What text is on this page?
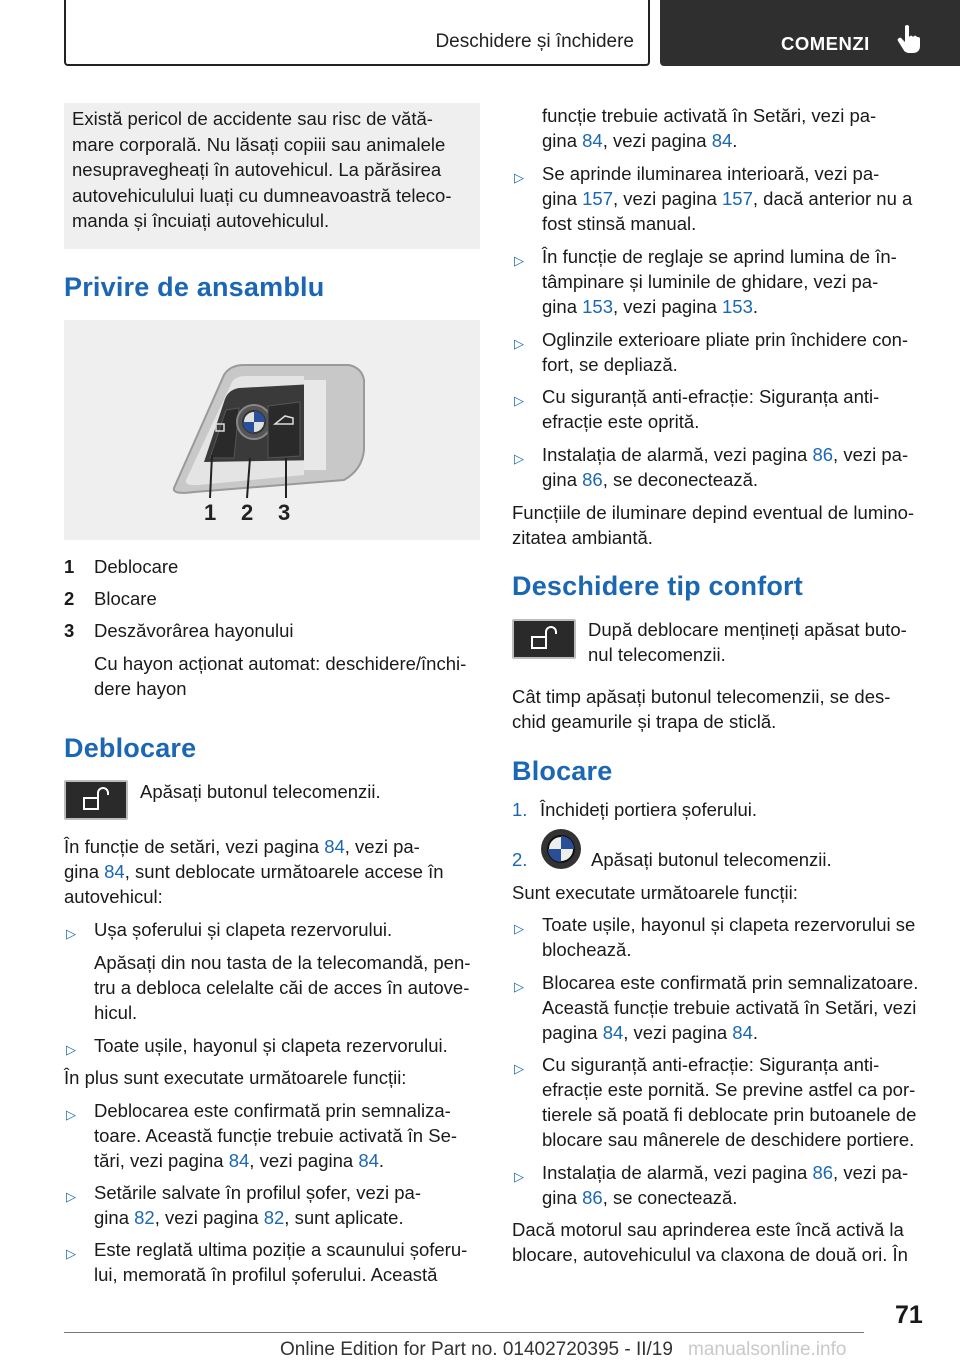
Deschidere și închidere	COMENZI

Există pericol de accidente sau risc de vătă-

mare corporală. Nu lăsați copiii sau animalele

nesupravegheați în autovehicul. La părăsirea

autovehiculului luați cu dumneavoastră teleco-

manda și încuiați autovehiculul.

Privire de ansamblu
1 2 3
1 Deblocare
2 Blocare
3 Deszăvorârea hayonului
Cu hayon acționat automat: deschidere/închi-
dere hayon
Deblocare
Apăsați butonul telecomenzii.
În funcție de setări, vezi pagina 84, vezi pa-
gina 84, sunt deblocate următoarele accese în
autovehicul:
▷ Ușa șoferului și clapeta rezervorului.
Apăsați din nou tasta de la telecomandă, pen-
tru a debloca celelalte căi de acces în autove-
hicul.
▷ Toate ușile, hayonul și clapeta rezervorului.
În plus sunt executate următoarele funcții:
▷ Deblocarea este confirmată prin semnaliza-
toare. Această funcție trebuie activată în Se-
tări, vezi pagina 84, vezi pagina 84.
▷ Setările salvate în profilul șofer, vezi pa-
gina 82, vezi pagina 82, sunt aplicate.
▷ Este reglată ultima poziție a scaunului șoferu-
lui, memorată în profilul șoferului. Această
funcție trebuie activată în Setări, vezi pa-
gina 84, vezi pagina 84.
▷ Se aprinde iluminarea interioară, vezi pa-
gina 157, vezi pagina 157, dacă anterior nu a
fost stinsă manual.
▷ În funcție de reglaje se aprind lumina de în-
tâmpinare și luminile de ghidare, vezi pa-
gina 153, vezi pagina 153.
▷ Oglinzile exterioare pliate prin închidere con-
fort, se depliază.
▷ Cu siguranță anti-efracție: Siguranța anti-
efracție este oprită.
▷ Instalația de alarmă, vezi pagina 86, vezi pa-
gina 86, se deconectează.
Funcțiile de iluminare depind eventual de lumino-
zitatea ambiantă.
Deschidere tip confort
După deblocare mențineți apăsat buto-
nul telecomenzii.
Cât timp apăsați butonul telecomenzii, se des-
chid geamurile și trapa de sticlă.
Blocare
1. Închideți portiera șoferului.
2.	Apăsați butonul telecomenzii.
Sunt executate următoarele funcții:
▷ Toate ușile, hayonul și clapeta rezervorului se
blochează.
▷ Blocarea este confirmată prin semnalizatoare.
Această funcție trebuie activată în Setări, vezi
pagina 84, vezi pagina 84.
▷ Cu siguranță anti-efracție: Siguranța anti-
efracție este pornită. Se previne astfel ca por-
tierele să poată fi deblocate prin butoanele de
blocare sau mânerele de deschidere portiere.
▷ Instalația de alarmă, vezi pagina 86, vezi pa-
gina 86, se conectează.
Dacă motorul sau aprinderea este încă activă la
blocare, autovehiculul va claxona de două ori. În
71
Online Edition for Part no. 01402720395 - II/19 manualsonline.info
